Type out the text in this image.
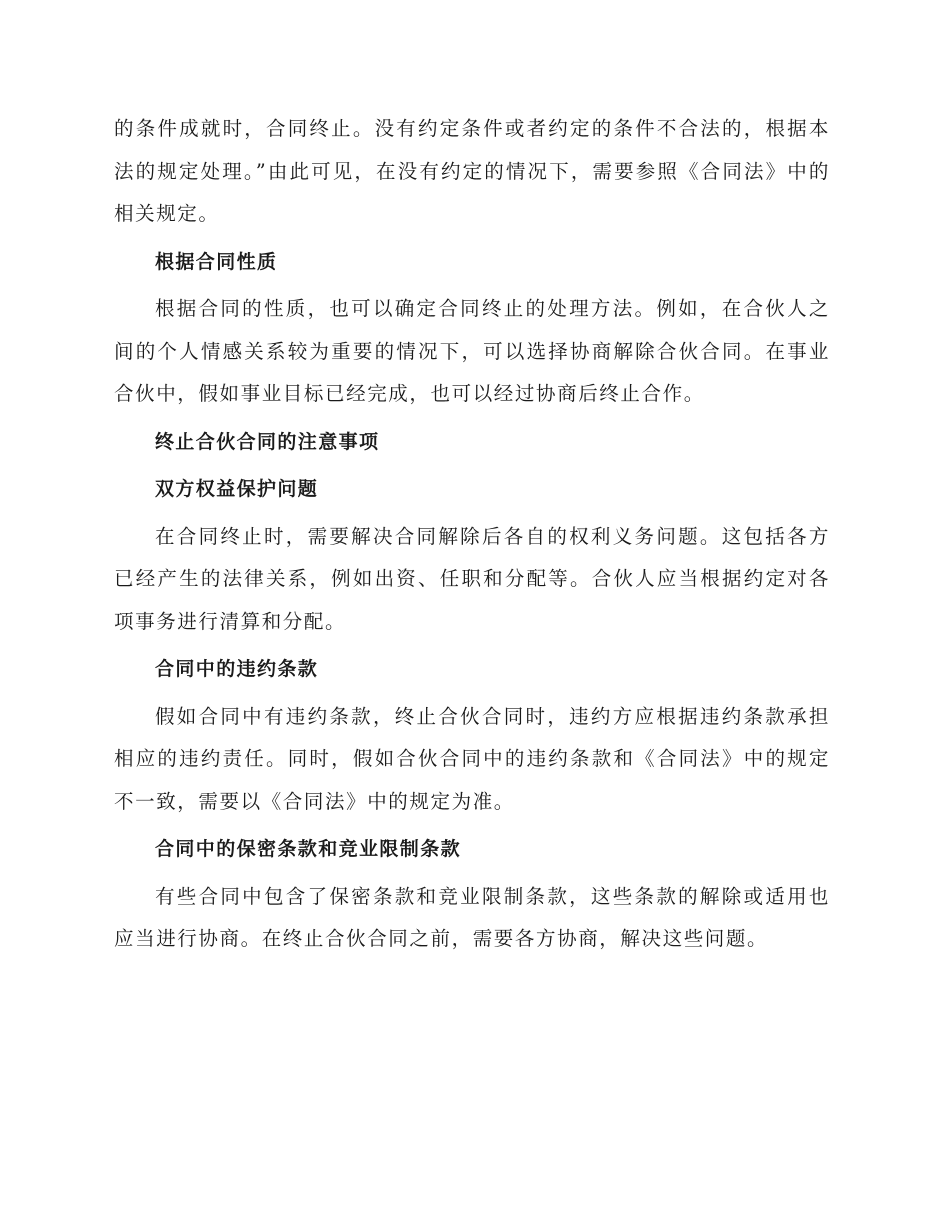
的条件成就时，合同终止。没有约定条件或者约定的条件不合法的，根据本法的规定处理。”由此可见，在没有约定的情况下，需要参照《合同法》中的相关规定。

根据合同性质

根据合同的性质，也可以确定合同终止的处理方法。例如，在合伙人之间的个人情感关系较为重要的情况下，可以选择协商解除合伙合同。在事业合伙中，假如事业目标已经完成，也可以经过协商后终止合作。

终止合伙合同的注意事项
双方权益保护问题

在合同终止时，需要解决合同解除后各自的权利义务问题。这包括各方已经产生的法律关系，例如出资、任职和分配等。合伙人应当根据约定对各项事务进行清算和分配。

合同中的违约条款

假如合同中有违约条款，终止合伙合同时，违约方应根据违约条款承担相应的违约责任。同时，假如合伙合同中的违约条款和《合同法》中的规定不一致，需要以《合同法》中的规定为准。

合同中的保密条款和竞业限制条款

有些合同中包含了保密条款和竞业限制条款，这些条款的解除或适用也应当进行协商。在终止合伙合同之前，需要各方协商，解决这些问题。
